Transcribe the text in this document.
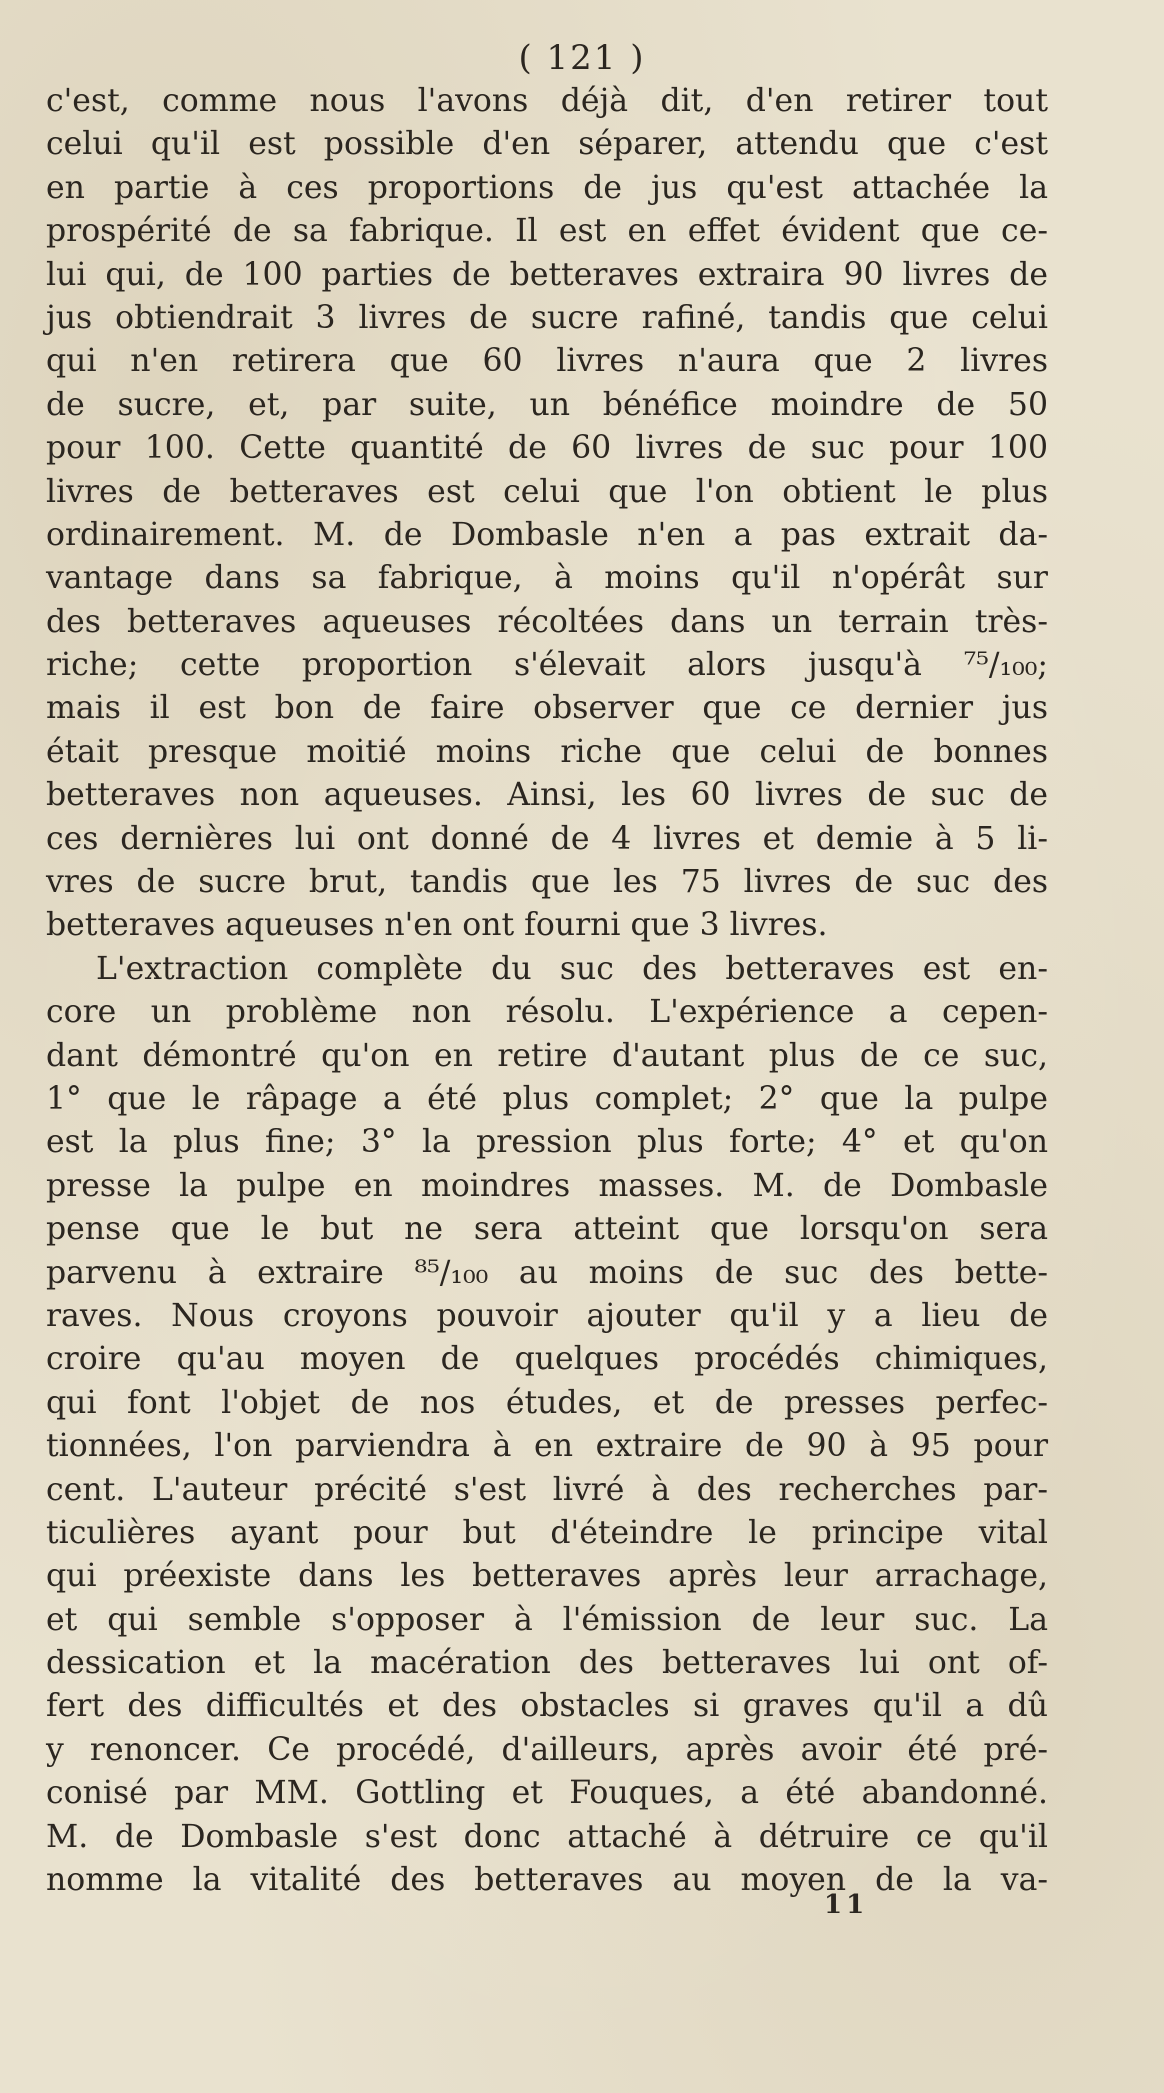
( 121 )
c'est, comme nous l'avons déjà dit, d'en retirer tout
celui qu'il est possible d'en séparer, attendu que c'est
en partie à ces proportions de jus qu'est attachée la
prospérité de sa fabrique. Il est en effet évident que ce-
lui qui, de 100 parties de betteraves extraira 90 livres de
jus obtiendrait 3 livres de sucre rafiné, tandis que celui
qui n'en retirera que 60 livres n'aura que 2 livres
de sucre, et, par suite, un bénéfice moindre de 50
pour 100. Cette quantité de 60 livres de suc pour 100
livres de betteraves est celui que l'on obtient le plus
ordinairement. M. de Dombasle n'en a pas extrait da-
vantage dans sa fabrique, à moins qu'il n'opérât sur
des betteraves aqueuses récoltées dans un terrain très-
riche; cette proportion s'élevait alors jusqu'à ⁷⁵/₁₀₀;
mais il est bon de faire observer que ce dernier jus
était presque moitié moins riche que celui de bonnes
betteraves non aqueuses. Ainsi, les 60 livres de suc de
ces dernières lui ont donné de 4 livres et demie à 5 li-
vres de sucre brut, tandis que les 75 livres de suc des
betteraves aqueuses n'en ont fourni que 3 livres.
L'extraction complète du suc des betteraves est en-
core un problème non résolu. L'expérience a cepen-
dant démontré qu'on en retire d'autant plus de ce suc,
1° que le râpage a été plus complet; 2° que la pulpe
est la plus fine; 3° la pression plus forte; 4° et qu'on
presse la pulpe en moindres masses. M. de Dombasle
pense que le but ne sera atteint que lorsqu'on sera
parvenu à extraire ⁸⁵/₁₀₀ au moins de suc des bette-
raves. Nous croyons pouvoir ajouter qu'il y a lieu de
croire qu'au moyen de quelques procédés chimiques,
qui font l'objet de nos études, et de presses perfec-
tionnées, l'on parviendra à en extraire de 90 à 95 pour
cent. L'auteur précité s'est livré à des recherches par-
ticulières ayant pour but d'éteindre le principe vital
qui préexiste dans les betteraves après leur arrachage,
et qui semble s'opposer à l'émission de leur suc. La
dessication et la macération des betteraves lui ont of-
fert des difficultés et des obstacles si graves qu'il a dû
y renoncer. Ce procédé, d'ailleurs, après avoir été pré-
conisé par MM. Gottling et Fouques, a été abandonné.
M. de Dombasle s'est donc attaché à détruire ce qu'il
nomme la vitalité des betteraves au moyen de la va-
11
